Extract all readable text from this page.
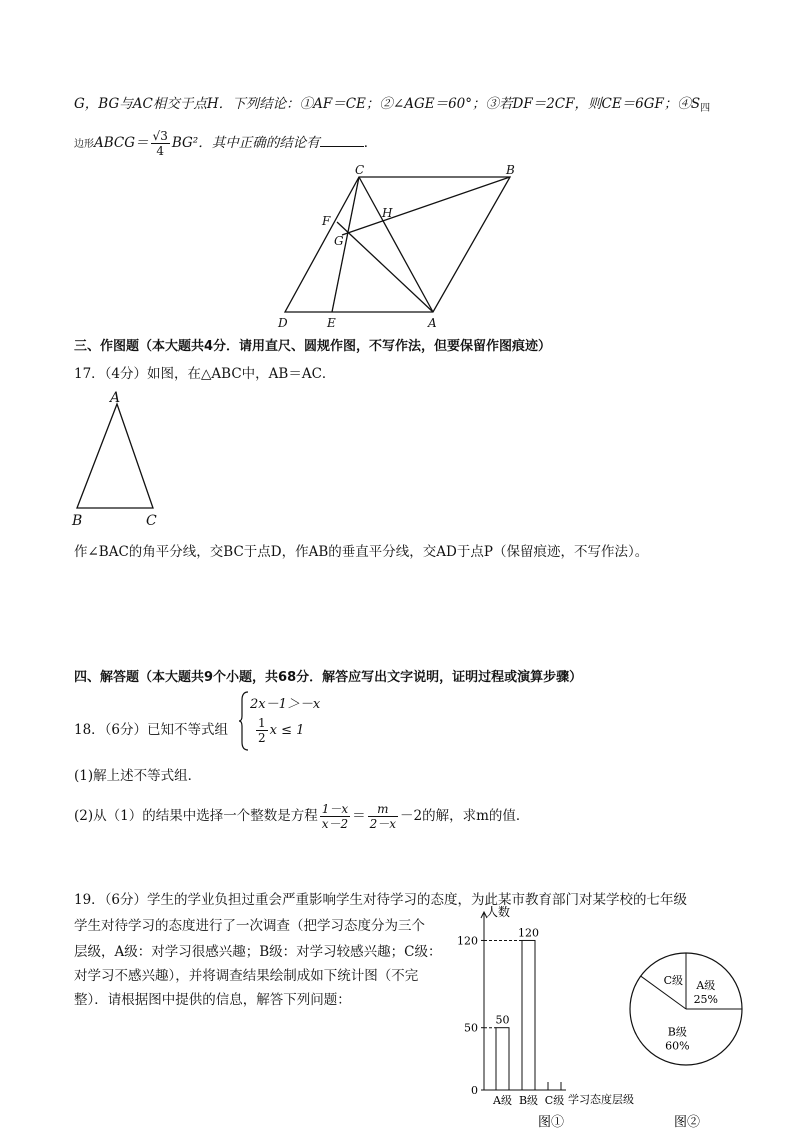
G，BG与AC相交于点H．下列结论：①AF＝CE；②∠AGE＝60°；③若DF＝2CF，则CE＝6GF；$④S_四$
边形ABCG＝ $\frac{√3}{4} BG^2$．其中正确的结论有	．
C	B
F
H
G
D	E	A
三、作图题（本大题共4分．请用直尺、圆规作图，不写作法，但要保留作图痕迹）
17．（4分）如图，在△ABC中，AB＝AC．
A
B	C
作∠BAC的角平分线，交BC于点D，作AB的垂直平分线，交AD于点P（保留痕迹，不写作法）。
四、解答题（本大题共9个小题，共68分．解答应写出文字说明，证明过程或演算步骤）
18．（6分）已知不等式组
2x－1＞－x
$\frac{1}{2}$ x ≤ 1
(1)解上述不等式组．
(2)从（1）的结果中选择一个整数是方程 $\frac{1-x}{x-2} = \frac{m}{2-x} -2$的解，求m的值．
19．（6分）学生的学业负担过重会严重影响学生对待学习的态度，为此某市教育部门对某学校的七年级
学生对待学习的态度进行了一次调查（把学习态度分为三个
层级，A级：对学习很感兴趣；B级：对学习较感兴趣；C级：
对学习不感兴趣），并将调查结果绘制成如下统计图（不完
整）．请根据图中提供的信息，解答下列问题：
0
50
120
50
A级
120
B级 C级
人数
学习态度层级
图①
A级
25%
B级
60%
C级
图②
